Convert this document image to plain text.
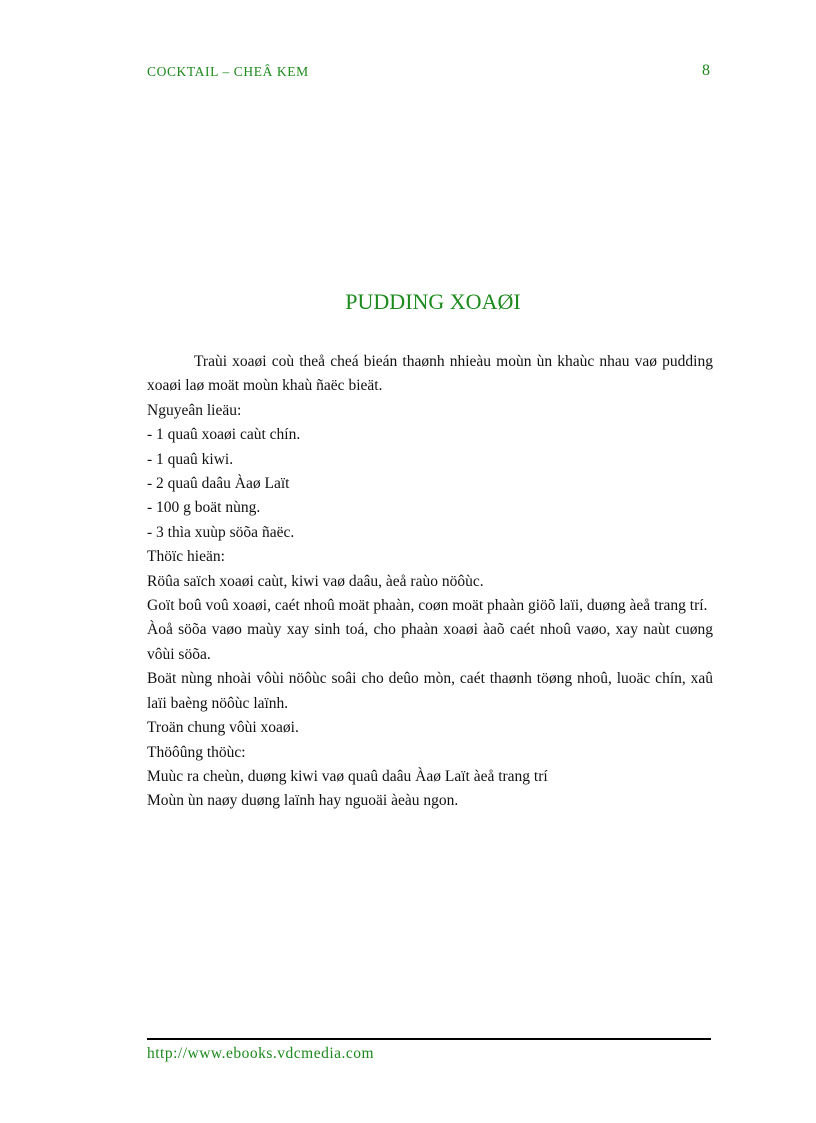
COCKTAIL – CHEÂ KEM	8
PUDDING XOAØI

Traùi xoaøi coù theå cheá bieán thaønh nhieàu moùn ùn khaùc nhau vaø pudding xoaøi laø moät moùn khaù ñaëc bieät.

Nguyeân lieäu:

- 1 quaû xoaøi caùt chín.

- 1 quaû kiwi.

- 2 quaû daâu Àaø Laït

- 100 g boät nùng.

- 3 thìa xuùp söõa ñaëc.

Thöïc hieän:

Röûa saïch xoaøi caùt, kiwi vaø daâu, àeå raùo nöôùc.

Goït boû voû xoaøi, caét nhoû moät phaàn, coøn moät phaàn giöõ laïi, duøng àeå trang trí.

Àoå söõa vaøo maùy xay sinh toá, cho phaàn xoaøi àaõ caét nhoû vaøo, xay naùt cuøng vôùi söõa.

Boät nùng nhoài vôùi nöôùc soâi cho deûo mòn, caét thaønh töøng nhoû, luoäc chín, xaû laïi baèng nöôùc laïnh.

Troän chung vôùi xoaøi.

Thöôûng thöùc:

Muùc ra cheùn, duøng kiwi vaø quaû daâu Àaø Laït àeå trang trí

Moùn ùn naøy duøng laïnh hay nguoäi àeàu ngon.

http://www.ebooks.vdcmedia.com
